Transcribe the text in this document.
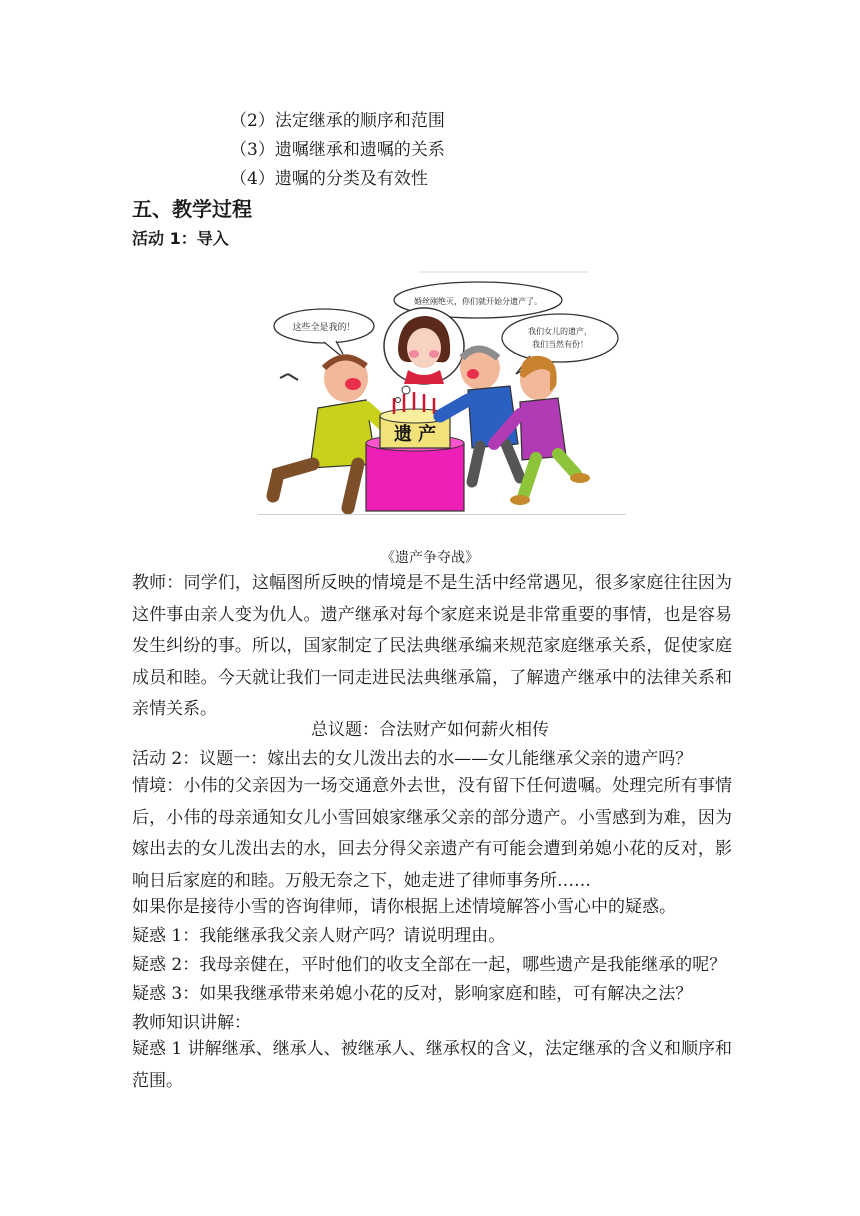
（2）法定继承的顺序和范围
（3）遗嘱继承和遗嘱的关系
（4）遗嘱的分类及有效性
五、教学过程
活动 1：导入
这些全是我的！
婚丝刚绝灭，你们就开始分遗产了。
我们女儿的遗产，
我们当然有份！
遗 产
《遗产争夺战》
教师：同学们，这幅图所反映的情境是不是生活中经常遇见，很多家庭往往因为这件事由亲人变为仇人。遗产继承对每个家庭来说是非常重要的事情，也是容易发生纠纷的事。所以，国家制定了民法典继承编来规范家庭继承关系，促使家庭成员和睦。今天就让我们一同走进民法典继承篇，了解遗产继承中的法律关系和亲情关系。
总议题：合法财产如何薪火相传
活动 2：议题一：嫁出去的女儿泼出去的水——女儿能继承父亲的遗产吗？
情境：小伟的父亲因为一场交通意外去世，没有留下任何遗嘱。处理完所有事情后，小伟的母亲通知女儿小雪回娘家继承父亲的部分遗产。小雪感到为难，因为嫁出去的女儿泼出去的水，回去分得父亲遗产有可能会遭到弟媳小花的反对，影响日后家庭的和睦。万般无奈之下，她走进了律师事务所……
如果你是接待小雪的咨询律师，请你根据上述情境解答小雪心中的疑惑。
疑惑 1：我能继承我父亲人财产吗？请说明理由。
疑惑 2：我母亲健在，平时他们的收支全部在一起，哪些遗产是我能继承的呢？
疑惑 3：如果我继承带来弟媳小花的反对，影响家庭和睦，可有解决之法？
教师知识讲解：
疑惑 1 讲解继承、继承人、被继承人、继承权的含义，法定继承的含义和顺序和范围。
